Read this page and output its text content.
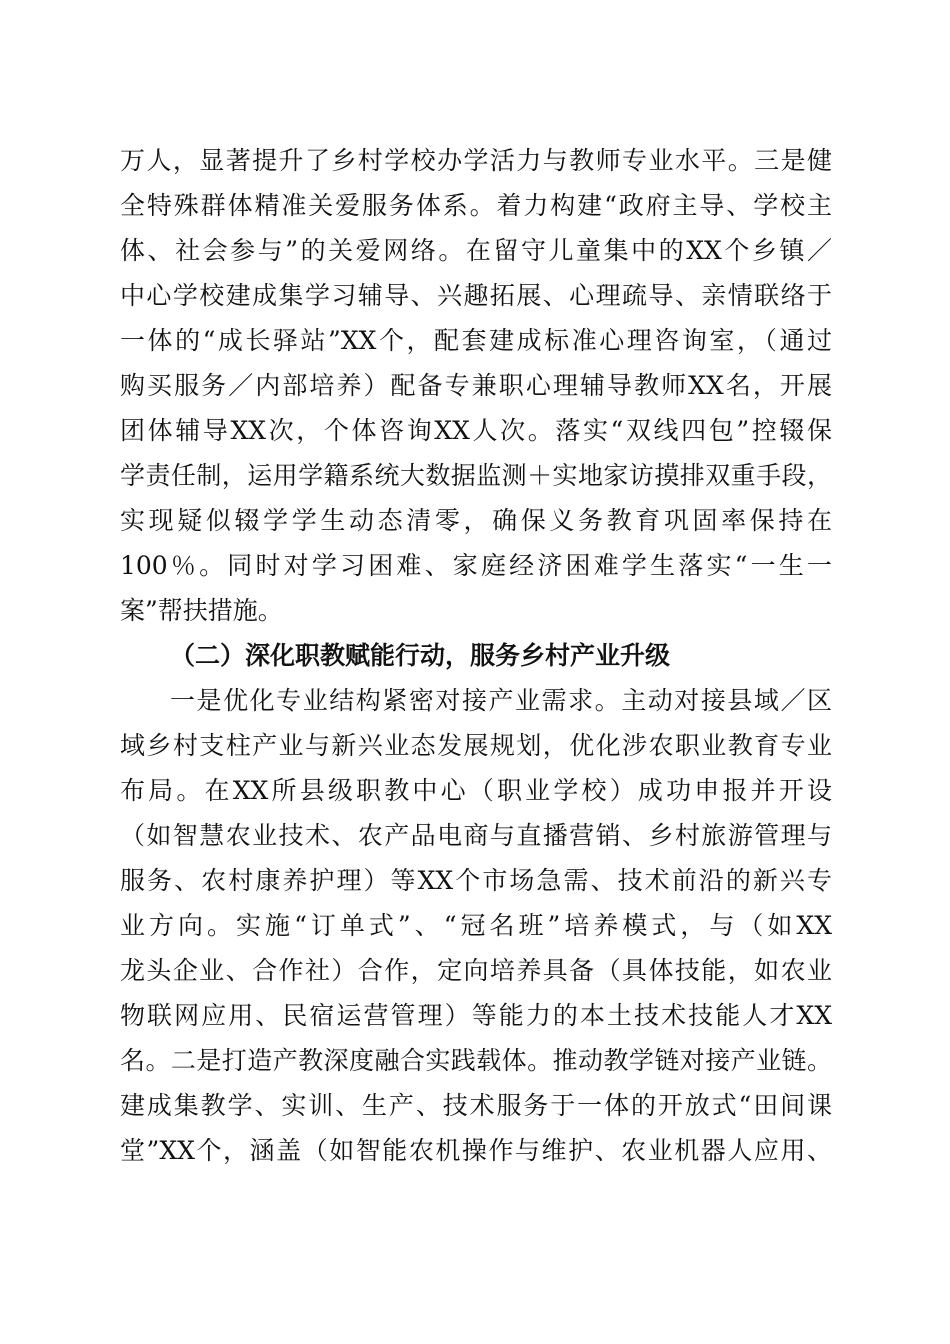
万人，显著提升了乡村学校办学活力与教师专业水平。三是健
全特殊群体精准关爱服务体系。着力构建“政府主导、学校主
体、社会参与”的关爱网络。在留守儿童集中的XX个乡镇／
中心学校建成集学习辅导、兴趣拓展、心理疏导、亲情联络于
一体的“成长驿站”XX个，配套建成标准心理咨询室，（通过
购买服务／内部培养）配备专兼职心理辅导教师XX名，开展
团体辅导XX次，个体咨询XX人次。落实“双线四包”控辍保
学责任制，运用学籍系统大数据监测＋实地家访摸排双重手段，
实现疑似辍学学生动态清零，确保义务教育巩固率保持在
100％。同时对学习困难、家庭经济困难学生落实“一生一
案”帮扶措施。
（二）深化职教赋能行动，服务乡村产业升级
一是优化专业结构紧密对接产业需求。主动对接县域／区
域乡村支柱产业与新兴业态发展规划，优化涉农职业教育专业
布局。在XX所县级职教中心（职业学校）成功申报并开设
（如智慧农业技术、农产品电商与直播营销、乡村旅游管理与
服务、农村康养护理）等XX个市场急需、技术前沿的新兴专
业方向。实施“订单式”、“冠名班”培养模式，与（如XX
龙头企业、合作社）合作，定向培养具备（具体技能，如农业
物联网应用、民宿运营管理）等能力的本土技术技能人才XX
名。二是打造产教深度融合实践载体。推动教学链对接产业链。
建成集教学、实训、生产、技术服务于一体的开放式“田间课
堂”XX个，涵盖（如智能农机操作与维护、农业机器人应用、
